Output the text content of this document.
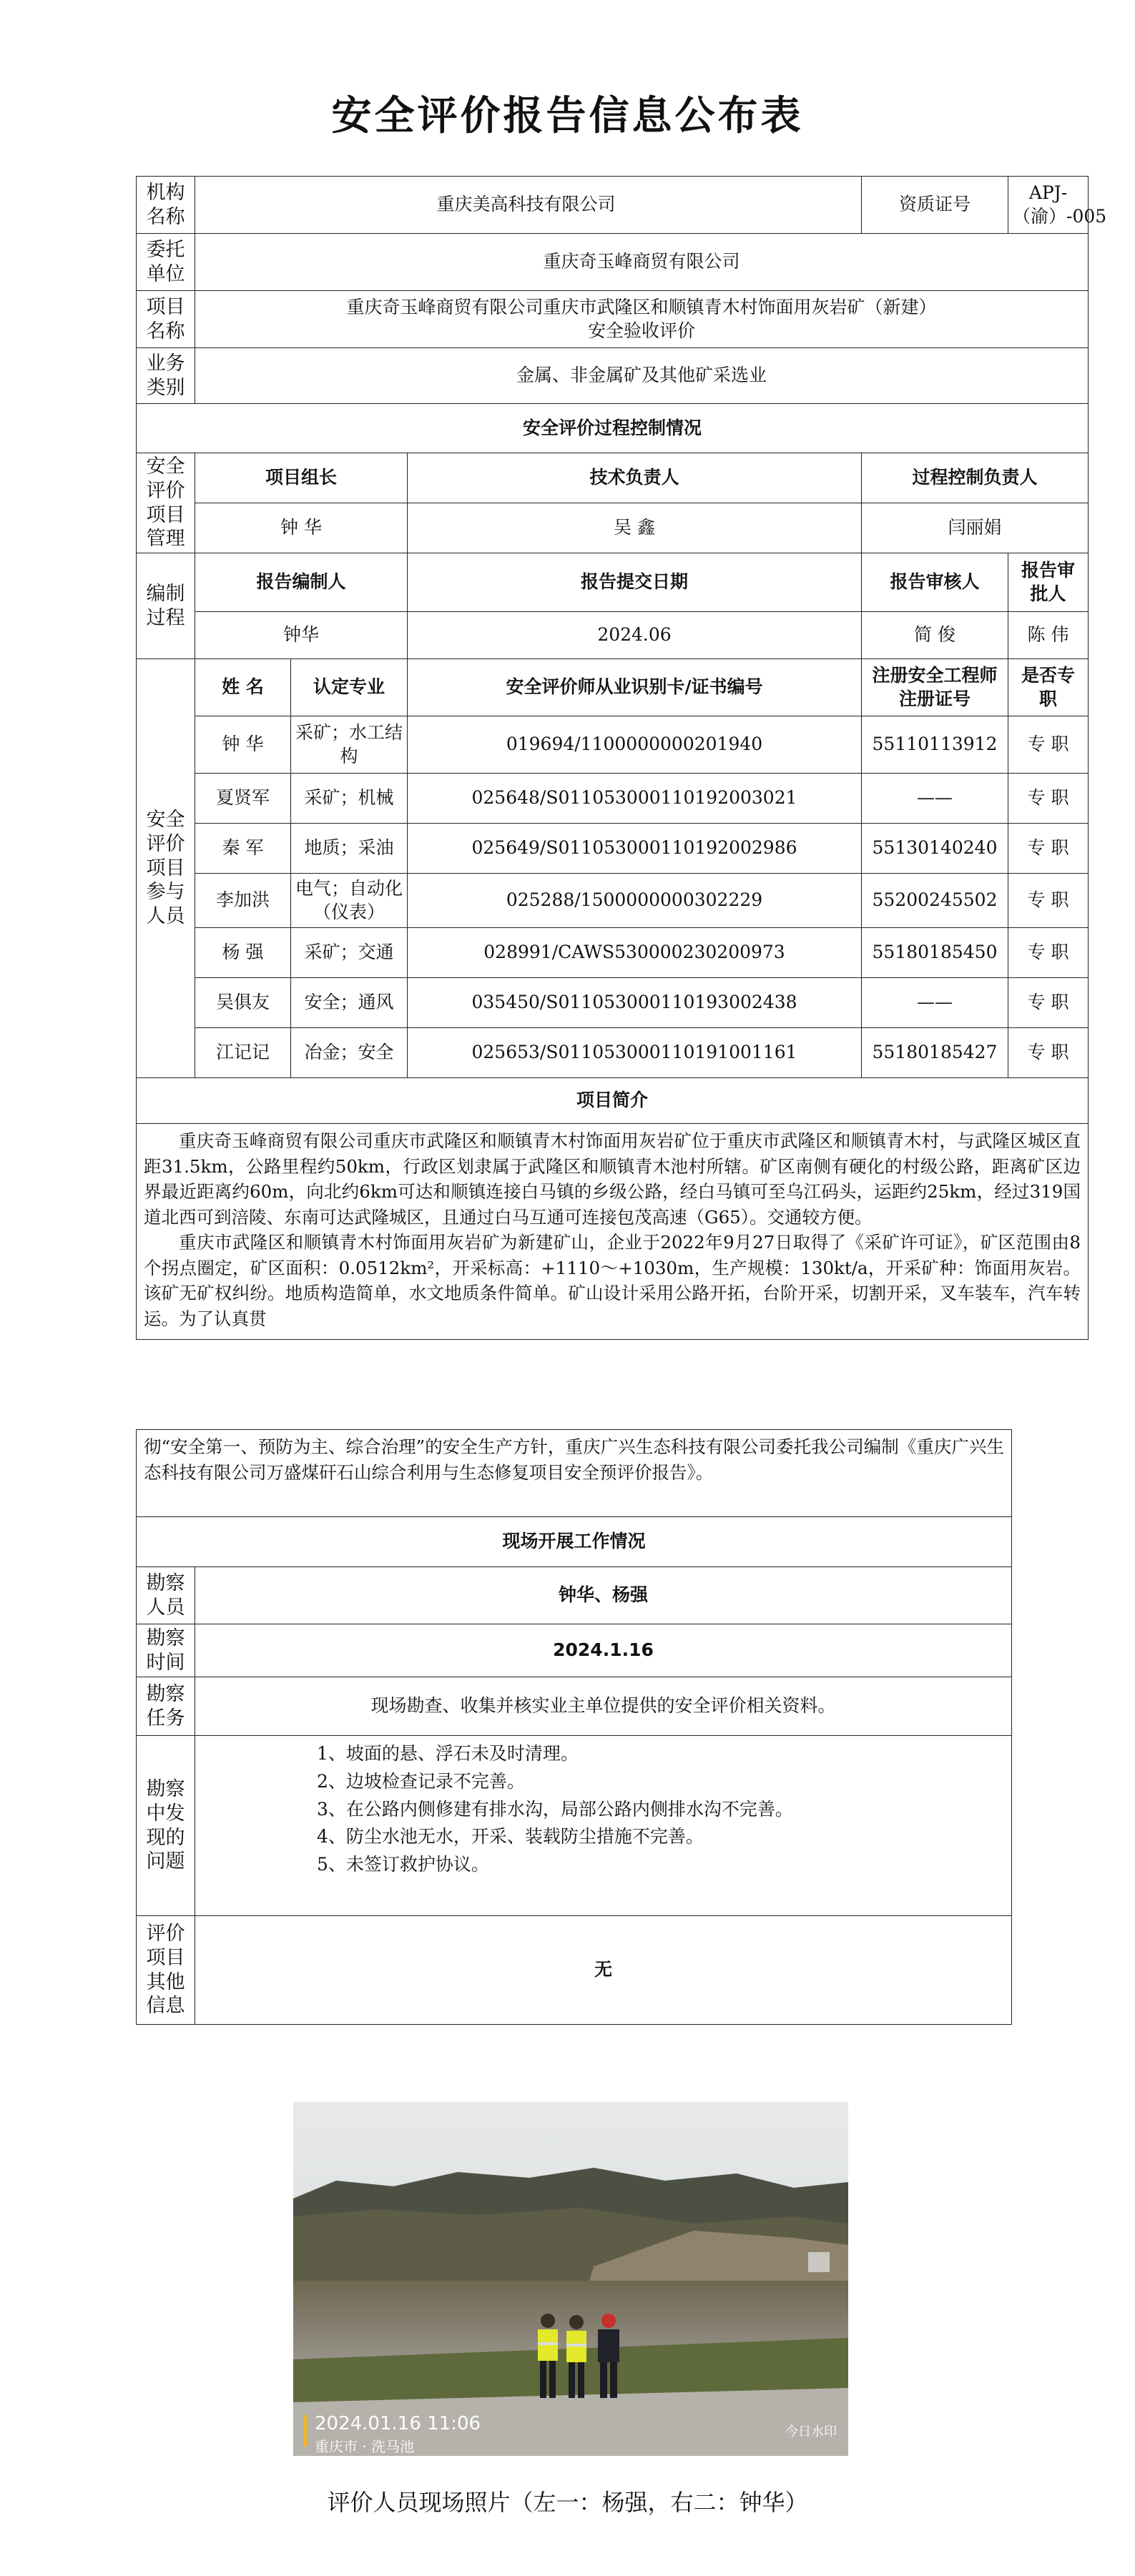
安全评价报告信息公布表
机构名称	重庆美高科技有限公司			资质证号	APJ-（渝）-005
委托单位	重庆奇玉峰商贸有限公司				
项目名称	重庆奇玉峰商贸有限公司重庆市武隆区和顺镇青木村饰面用灰岩矿（新建）
安全验收评价				

业务类别	金属、非金属矿及其他矿采选业				
安全评价过程控制情况					
安全评价项目管理	项目组长		技术负责人	过程控制负责人	
	钟 华		吴 鑫	闫丽娟	
编制过程	报告编制人		报告提交日期	报告审核人	报告审批人
	钟华		2024.06	简 俊	陈 伟
安全评价项目参与人员	姓 名	认定专业	安全评价师从业识别卡/证书编号	注册安全工程师注册证号	是否专职
	钟 华	采矿；水工结构	019694/1100000000201940	55110113912	专 职
	夏贤军	采矿；机械	025648/S011053000110192003021	——	专 职
	秦 军	地质；采油	025649/S011053000110192002986	55130140240	专 职
	李加洪	电气；自动化（仪表）	025288/1500000000302229	55200245502	专 职
	杨 强	采矿；交通	028991/CAWS530000230200973	55180185450	专 职
	吴俱友	安全；通风	035450/S011053000110193002438	——	专 职
	江记记	冶金；安全	025653/S011053000110191001161	55180185427	专 职
项目简介					

重庆奇玉峰商贸有限公司重庆市武隆区和顺镇青木村饰面用灰岩矿位于重庆市武隆区和顺镇青木村，与武隆区城区直距31.5km，公路里程约50km，行政区划隶属于武隆区和顺镇青木池村所辖。矿区南侧有硬化的村级公路，距离矿区边界最近距离约60m，向北约6km可达和顺镇连接白马镇的乡级公路，经白马镇可至乌江码头，运距约25km，经过319国道北西可到涪陵、东南可达武隆城区，且通过白马互通可连接包茂高速（G65）。交通较方便。

重庆市武隆区和顺镇青木村饰面用灰岩矿为新建矿山，企业于2022年9月27日取得了《采矿许可证》，矿区范围由8个拐点圈定，矿区面积：0.0512km²，开采标高：+1110～+1030m，生产规模：130kt/a，开采矿种：饰面用灰岩。该矿无矿权纠纷。地质构造简单，水文地质条件简单。矿山设计采用公路开拓，台阶开采，切割开采，叉车装车，汽车转运。为了认真贯					

彻“安全第一、预防为主、综合治理”的安全生产方针，重庆广兴生态科技有限公司委托我公司编制《重庆广兴生态科技有限公司万盛煤矸石山综合利用与生态修复项目安全预评价报告》。	

现场开展工作情况	
勘察人员	钟华、杨强
勘察时间	2024.1.16
勘察任务	现场勘查、收集并核实业主单位提供的安全评价相关资料。
勘察中发现的问题	1、坡面的悬、浮石未及时清理。
2、边坡检查记录不完善。
3、在公路内侧修建有排水沟，局部公路内侧排水沟不完善。
4、防尘水池无水，开采、装载防尘措施不完善。
5、未签订救护协议。

评价项目其他信息	无
2024.01.16 11:06
重庆市 · 洗马池
今日水印
评价人员现场照片（左一：杨强，右二：钟华）
